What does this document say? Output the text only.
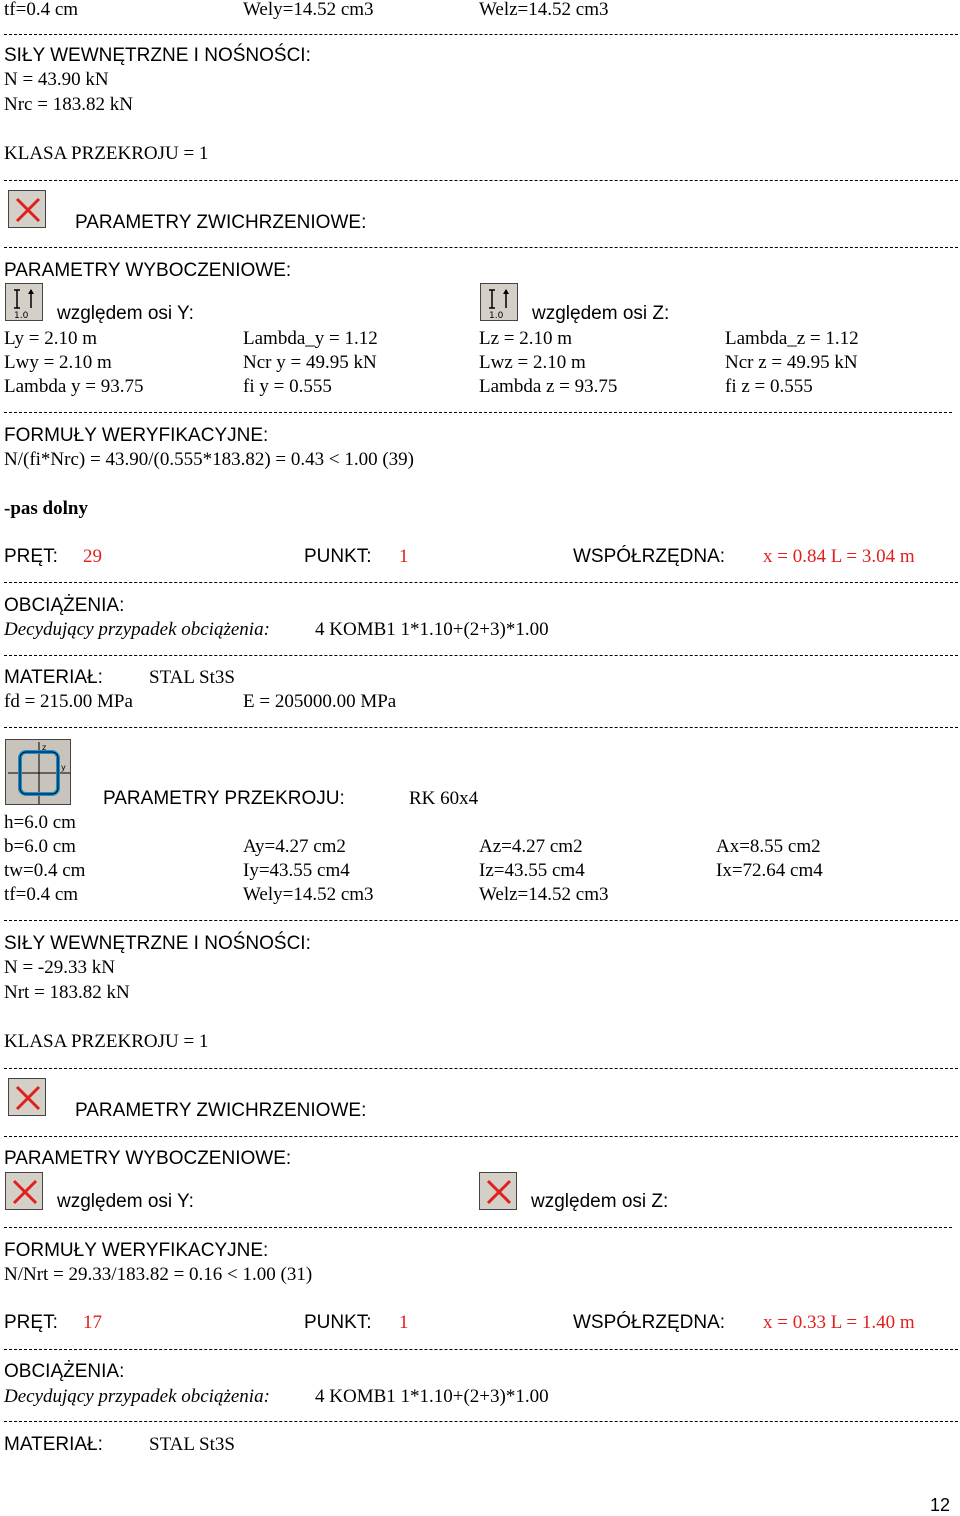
tf=0.4 cm	Wely=14.52 cm3	Welz=14.52 cm3
SIŁY WEWNĘTRZNE I NOŚNOŚCI:
N = 43.90 kN
Nrc = 183.82 kN
KLASA PRZEKROJU = 1
PARAMETRY ZWICHRZENIOWE:
PARAMETRY WYBOCZENIOWE:
1.0 względem osi Y:	1.0 względem osi Z:
Ly = 2.10 m	Lambda_y = 1.12	Lz = 2.10 m	Lambda_z = 1.12
Lwy = 2.10 m	Ncr y = 49.95 kN	Lwz = 2.10 m	Ncr z = 49.95 kN
Lambda y = 93.75	fi y = 0.555	Lambda z = 93.75	fi z = 0.555
FORMUŁY WERYFIKACYJNE:
N/(fi*Nrc) = 43.90/(0.555*183.82) = 0.43 < 1.00 (39)
-pas dolny
PRĘT: 29	PUNKT: 1	WSPÓŁRZĘDNA: x = 0.84 L = 3.04 m
OBCIĄŻENIA:
Decydujący przypadek obciążenia: 4 KOMB1 1*1.10+(2+3)*1.00
MATERIAŁ: STAL St3S
fd = 215.00 MPa	E = 205000.00 MPa
z
y
PARAMETRY PRZEKROJU:	RK 60x4
h=6.0 cm
b=6.0 cm	Ay=4.27 cm2	Az=4.27 cm2	Ax=8.55 cm2
tw=0.4 cm	Iy=43.55 cm4	Iz=43.55 cm4	Ix=72.64 cm4
tf=0.4 cm	Wely=14.52 cm3	Welz=14.52 cm3
SIŁY WEWNĘTRZNE I NOŚNOŚCI:
N = -29.33 kN
Nrt = 183.82 kN
KLASA PRZEKROJU = 1
PARAMETRY ZWICHRZENIOWE:
PARAMETRY WYBOCZENIOWE:
względem osi Y:	względem osi Z:
FORMUŁY WERYFIKACYJNE:
N/Nrt = 29.33/183.82 = 0.16 < 1.00 (31)
PRĘT: 17	PUNKT: 1	WSPÓŁRZĘDNA: x = 0.33 L = 1.40 m
OBCIĄŻENIA:
Decydujący przypadek obciążenia: 4 KOMB1 1*1.10+(2+3)*1.00
MATERIAŁ: STAL St3S
12
